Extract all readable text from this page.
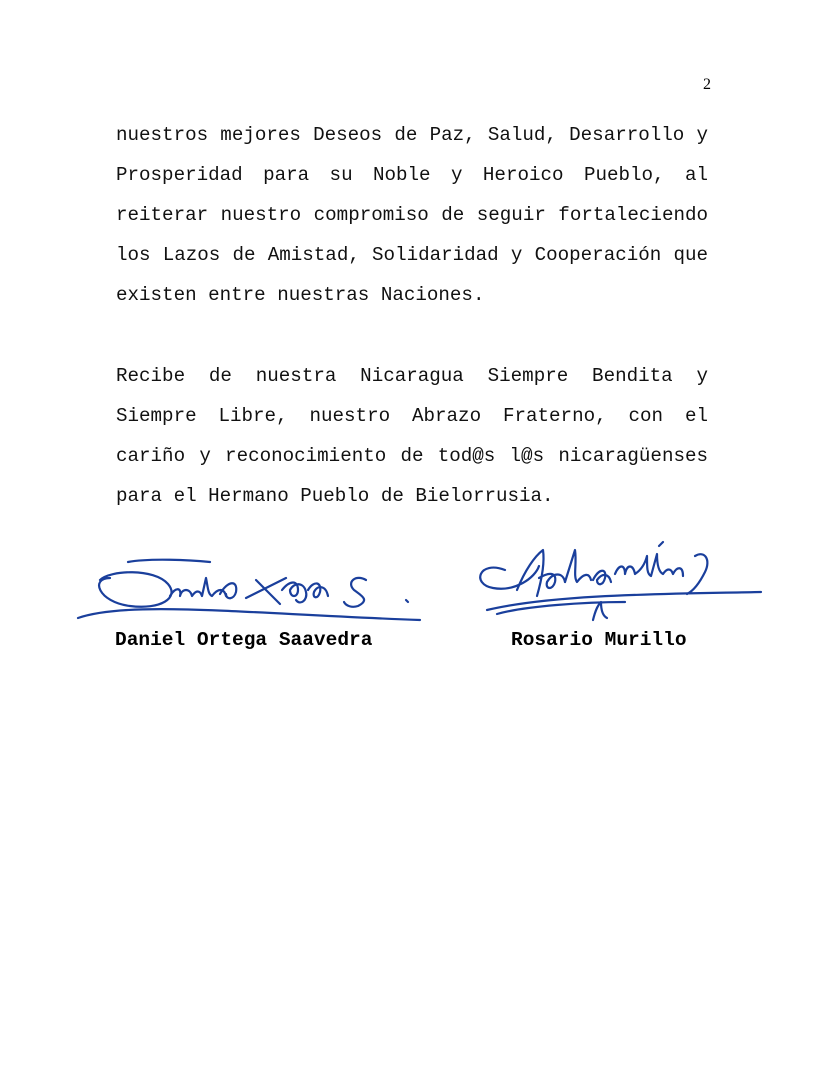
2

nuestros mejores Deseos de Paz, Salud, Desarrollo y Prosperidad para su Noble y Heroico Pueblo, al reiterar nuestro compromiso de seguir fortaleciendo los Lazos de Amistad, Solidaridad y Cooperación que existen entre nuestras Naciones.

Recibe de nuestra Nicaragua Siempre Bendita y Siempre Libre, nuestro Abrazo Fraterno, con el cariño y reconocimiento de tod@s l@s nicaragüenses para el Hermano Pueblo de Bielorrusia.

Daniel Ortega Saavedra	Rosario Murillo
